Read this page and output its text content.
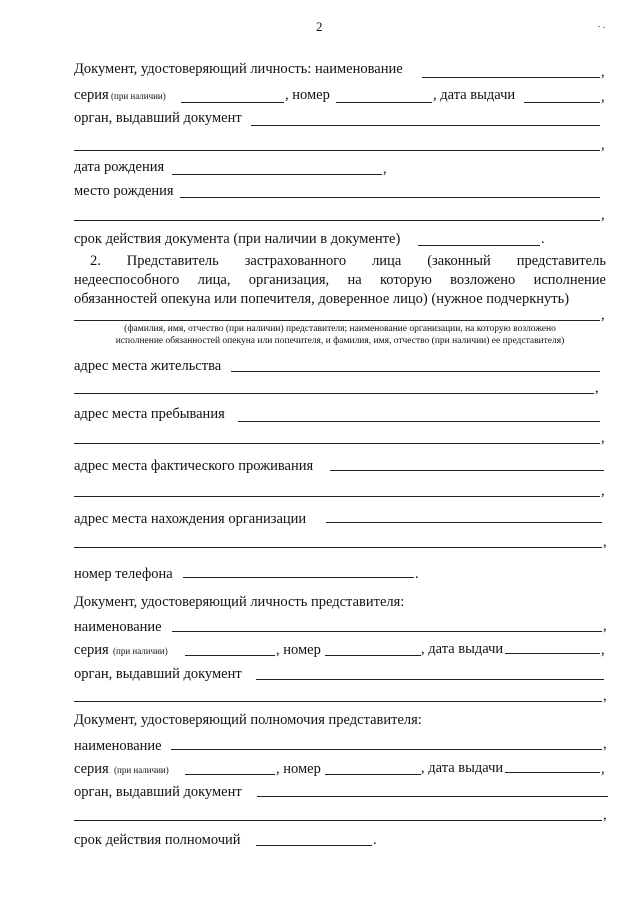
2
Документ, удостоверяющий личность: наименование	,
серия (при наличии)	, номер	, дата выдачи	,
орган, выдавший документ
,
дата рождения	,
место рождения
,
срок действия документа (при наличии в документе)	.
2. Представитель застрахованного лица (законный представитель
недееспособного лица, организация, на которую возложено исполнение
обязанностей опекуна или попечителя, доверенное лицо) (нужное подчеркнуть)
,
(фамилия, имя, отчество (при наличии) представителя; наименование организации, на которую возложено
исполнение обязанностей опекуна или попечителя, и фамилия, имя, отчество (при наличии) ее представителя)
адрес места жительства
,
адрес места пребывания
,
адрес места фактического проживания
,
адрес места нахождения организации
,
номер телефона	.
Документ, удостоверяющий личность представителя:
наименование	,
серия (при наличии)	, номер	, дата выдачи	,
орган, выдавший документ
,
Документ, удостоверяющий полномочия представителя:
наименование	,
серия (при наличии)	, номер	, дата выдачи	,
орган, выдавший документ
,
срок действия полномочий	.
